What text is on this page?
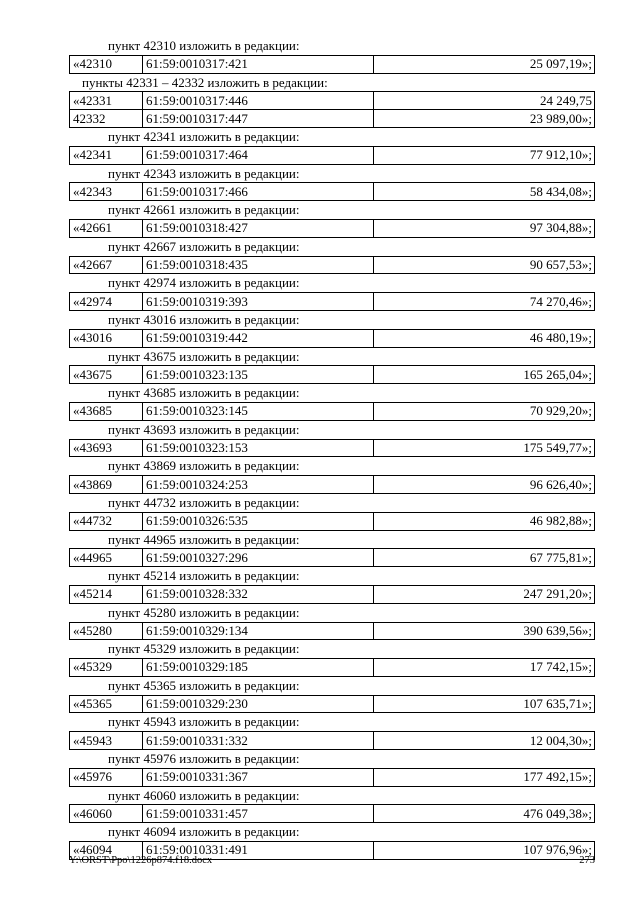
пункт 42310 изложить в редакции:
«42310	61:59:0010317:421	25 097,19»;
пункты 42331 – 42332 изложить в редакции:
«42331	61:59:0010317:446	24 249,75
42332	61:59:0010317:447	23 989,00»;
пункт 42341 изложить в редакции:
«42341	61:59:0010317:464	77 912,10»;
пункт 42343 изложить в редакции:
«42343	61:59:0010317:466	58 434,08»;
пункт 42661 изложить в редакции:
«42661	61:59:0010318:427	97 304,88»;
пункт 42667 изложить в редакции:
«42667	61:59:0010318:435	90 657,53»;
пункт 42974 изложить в редакции:
«42974	61:59:0010319:393	74 270,46»;
пункт 43016 изложить в редакции:
«43016	61:59:0010319:442	46 480,19»;
пункт 43675 изложить в редакции:
«43675	61:59:0010323:135	165 265,04»;
пункт 43685 изложить в редакции:
«43685	61:59:0010323:145	70 929,20»;
пункт 43693 изложить в редакции:
«43693	61:59:0010323:153	175 549,77»;
пункт 43869 изложить в редакции:
«43869	61:59:0010324:253	96 626,40»;
пункт 44732 изложить в редакции:
«44732	61:59:0010326:535	46 982,88»;
пункт 44965 изложить в редакции:
«44965	61:59:0010327:296	67 775,81»;
пункт 45214 изложить в редакции:
«45214	61:59:0010328:332	247 291,20»;
пункт 45280 изложить в редакции:
«45280	61:59:0010329:134	390 639,56»;
пункт 45329 изложить в редакции:
«45329	61:59:0010329:185	17 742,15»;
пункт 45365 изложить в редакции:
«45365	61:59:0010329:230	107 635,71»;
пункт 45943 изложить в редакции:
«45943	61:59:0010331:332	12 004,30»;
пункт 45976 изложить в редакции:
«45976	61:59:0010331:367	177 492,15»;
пункт 46060 изложить в редакции:
«46060	61:59:0010331:457	476 049,38»;
пункт 46094 изложить в редакции:
«46094	61:59:0010331:491	107 976,96»;
Y:\ORST\Ppo\1226p874.f18.docx	273
